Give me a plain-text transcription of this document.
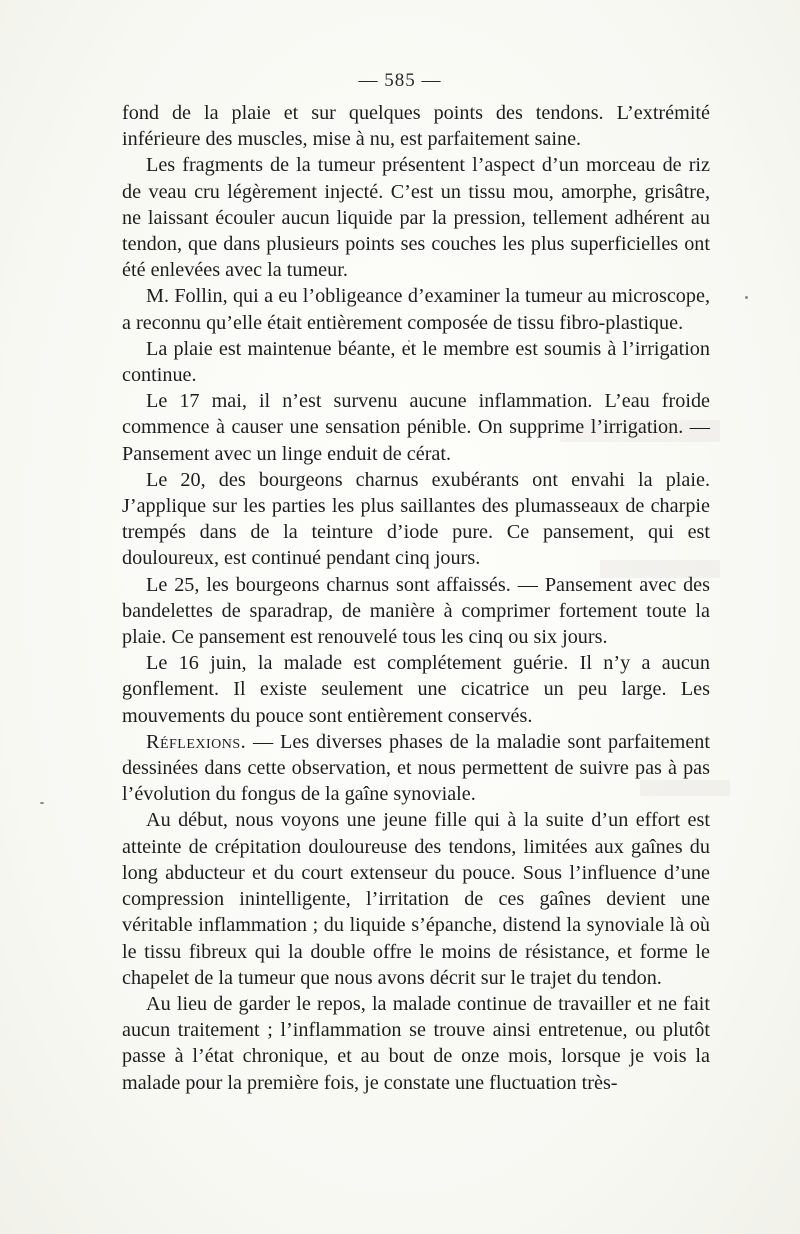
— 585 —

fond de la plaie et sur quelques points des tendons. L’extrémité inférieure des muscles, mise à nu, est parfaitement saine.

Les fragments de la tumeur présentent l’aspect d’un morceau de riz de veau cru légèrement injecté. C’est un tissu mou, amorphe, grisâtre, ne laissant écouler aucun liquide par la pression, tellement adhérent au tendon, que dans plusieurs points ses couches les plus superficielles ont été enlevées avec la tumeur.

M. Follin, qui a eu l’obligeance d’examiner la tumeur au microscope, a reconnu qu’elle était entièrement composée de tissu fibro-plastique.

La plaie est maintenue béante, et le membre est soumis à l’irrigation continue.

Le 17 mai, il n’est survenu aucune inflammation. L’eau froide commence à causer une sensation pénible. On supprime l’irrigation. — Pansement avec un linge enduit de cérat.

Le 20, des bourgeons charnus exubérants ont envahi la plaie. J’applique sur les parties les plus saillantes des plumasseaux de charpie trempés dans de la teinture d’iode pure. Ce pansement, qui est douloureux, est continué pendant cinq jours.

Le 25, les bourgeons charnus sont affaissés. — Pansement avec des bandelettes de sparadrap, de manière à comprimer fortement toute la plaie. Ce pansement est renouvelé tous les cinq ou six jours.

Le 16 juin, la malade est complétement guérie. Il n’y a aucun gonflement. Il existe seulement une cicatrice un peu large. Les mouvements du pouce sont entièrement conservés.

Réflexions. — Les diverses phases de la maladie sont parfaitement dessinées dans cette observation, et nous permettent de suivre pas à pas l’évolution du fongus de la gaîne synoviale.

Au début, nous voyons une jeune fille qui à la suite d’un effort est atteinte de crépitation douloureuse des tendons, limitées aux gaînes du long abducteur et du court extenseur du pouce. Sous l’influence d’une compression inintelligente, l’irritation de ces gaînes devient une véritable inflammation ; du liquide s’épanche, distend la synoviale là où le tissu fibreux qui la double offre le moins de résistance, et forme le chapelet de la tumeur que nous avons décrit sur le trajet du tendon.

Au lieu de garder le repos, la malade continue de travailler et ne fait aucun traitement ; l’inflammation se trouve ainsi entretenue, ou plutôt passe à l’état chronique, et au bout de onze mois, lorsque je vois la malade pour la première fois, je constate une fluctuation très-
